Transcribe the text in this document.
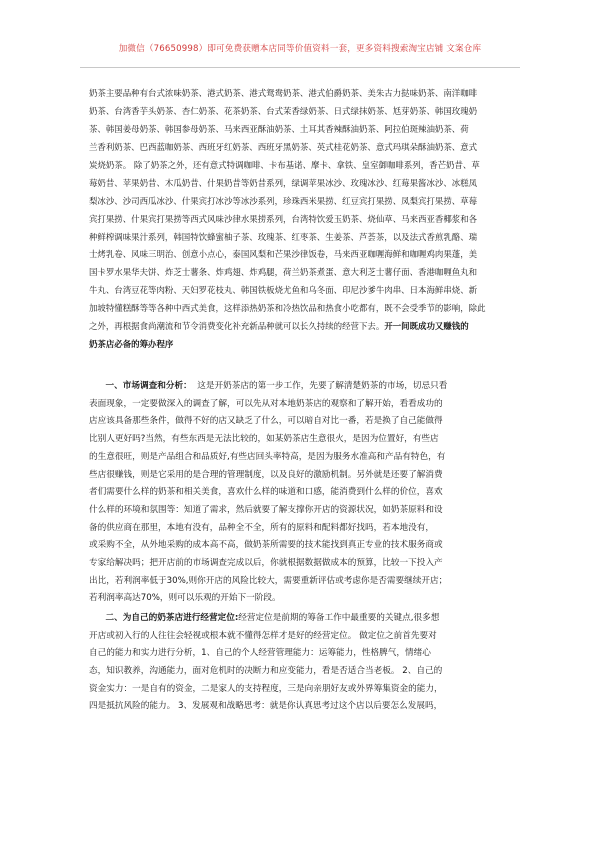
加微信（76650998）即可免费获赠本店同等价值资料一套，更多资料搜索淘宝店铺 文案仓库
奶茶主要品种有台式浓味奶茶、港式奶茶、港式鸳鸯奶茶、港式伯爵奶茶、美朱古力挞味奶茶、南洋咖啡
奶茶、台湾香芋头奶茶、杏仁奶茶、花茶奶茶、台式茉香绿奶茶、日式绿抹奶茶、尪芽奶茶、韩国玫瑰奶
茶、韩国姜母奶茶、韩国参母奶茶、马来西亚酥油奶茶、土耳其香辣酥油奶茶、阿拉伯斑辣油奶茶、荷
兰香利奶茶、巴西蓝咖奶茶、西班牙红奶茶、西班牙黑奶茶、英式桂花奶茶、意式玛琪朵酥油奶茶、意式
炭烧奶茶。 除了奶茶之外，还有意式特调咖啡、卡布基诺、摩卡、拿铁、皇室御咖啡系列，香芒奶昔、草
莓奶昔、苹果奶昔、木瓜奶昔、什果奶昔等奶昔系列，绿调苹果冰沙、玫瑰冰沙、红莓果酱冰沙、冰糕凤
梨冰沙、沙司西瓜冰沙、什果宾打冰沙等冰沙系列，珍珠西米果捞、红豆宾打果捞、凤梨宾打果捞、草莓
宾打果捞、什果宾打果捞等西式风味沙律水果捞系列，台湾特饮爱玉奶茶、烧仙草、马来西亚香椰浆和各
种鲜榨调味果汁系列，韩国特饮蜂蜜柚子茶、玫瑰茶、红枣茶、生姜茶、芦荟茶，以及法式香煎乳酪、瑞
士烤乳卷、风味三明治、创意小点心，泰国风梨和芒果沙律饭卷，马来西亚咖喱海鲜和咖喱鸡肉果蓬，美
国卡罗水果华夫饼、炸芝士薯条、炸鸡翅、炸鸡腿，荷兰奶茶煮蛋、意大利芝士薯仔面、香港咖喱鱼丸和
牛丸、台湾豆花等肉粉、天妇罗花枝丸、韩国铁板烧尤鱼和乌冬面、印尼沙爹牛肉串、日本海鲜串烧、新
加坡特懂糕酥等等各种中西式美食，这样添热奶茶和冷热饮品和热食小吃都有，既不会受季节的影响，除此
之外，再根据食尚潮流和节令消费变化补充新品种就可以长久持续的经营下去。开一间既成功又赚钱的
奶茶店必备的筹办程序
一、市场调查和分析： 这是开奶茶店的第一步工作，先要了解清楚奶茶的市场，切忌只看
表面现象，一定要做深入的调查了解，可以先从对本地奶茶店的观察和了解开始，看看成功的
店应该具备那些条件，做得不好的店又缺乏了什么，可以暗自对比一番，若是换了自己能做得
比别人更好吗?当然，有些东西是无法比较的，如某奶茶店生意很火，是因为位置好，有些店
的生意很旺，则是产品组合和品质好,有些店回头率特高，是因为服务水准高和产品有特色，有
些店很赚钱，则是它采用的是合理的管理制度，以及良好的激励机制。另外就是还要了解消费
者们需要什么样的奶茶和相关美食，喜欢什么样的味道和口感，能消费到什么样的价位，喜欢
什么样的环境和氛围等：知道了需求，然后就要了解支撑你开店的资源状况，如奶茶原料和设
备的供应商在那里，本地有没有，品种全不全，所有的原料和配料都好找吗，若本地没有，
或采购不全，从外地采购的成本高不高，做奶茶所需要的技术能找到真正专业的技术服务商或
专家给解决吗；把开店前的市场调查完成以后，你就根据数据做成本的预算，比较一下投入产
出比，若利润率低于30%,则你开店的风险比较大，需要重新评估或考虑你是否需要继续开店；
若利润率高达70%，则可以乐观的开始下一阶段。
二、为自己的奶茶店进行经营定位:经营定位是前期的筹备工作中最重要的关键点,很多想
开店或初入行的人往往会轻视或根本就不懂得怎样才是好的经营定位。 做定位之前首先要对
自己的能力和实力进行分析，1、自己的个人经营管理能力：运筹能力，性格脾气，情绪心
态，知识教养，沟通能力，面对危机时的决断力和应变能力，看是否适合当老板。 2、自己的
资金实力：一是自有的资金，二是家人的支持程度，三是向亲朋好友或外界筹集资金的能力，
四是抵抗风险的能力。 3、发展观和战略思考：就是你认真思考过这个店以后要怎么发展吗，
